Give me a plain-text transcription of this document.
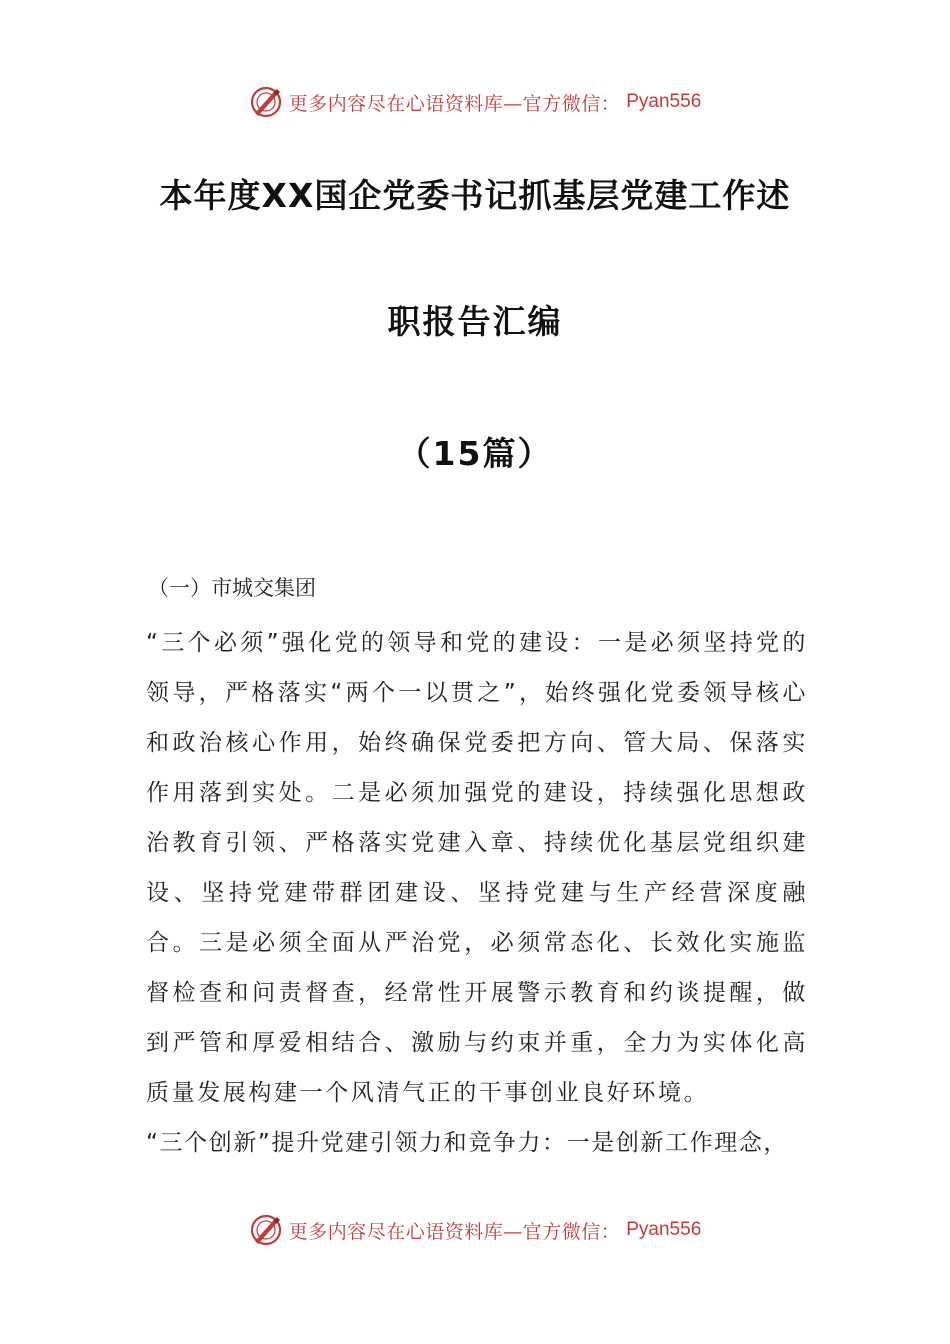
更多内容尽在心语资料库—官方微信： Pyan556
本年度XX国企党委书记抓基层党建工作述
职报告汇编
（15篇）
（一）市城交集团

“三个必须”强化党的领导和党的建设：一是必须坚持党的领导，严格落实“两个一以贯之”，始终强化党委领导核心和政治核心作用，始终确保党委把方向、管大局、保落实作用落到实处。二是必须加强党的建设，持续强化思想政治教育引领、严格落实党建入章、持续优化基层党组织建设、坚持党建带群团建设、坚持党建与生产经营深度融合。三是必须全面从严治党，必须常态化、长效化实施监督检查和问责督查，经常性开展警示教育和约谈提醒，做到严管和厚爱相结合、激励与约束并重，全力为实体化高质量发展构建一个风清气正的干事创业良好环境。

“三个创新”提升党建引领力和竞争力：一是创新工作理念，

更多内容尽在心语资料库—官方微信： Pyan556
